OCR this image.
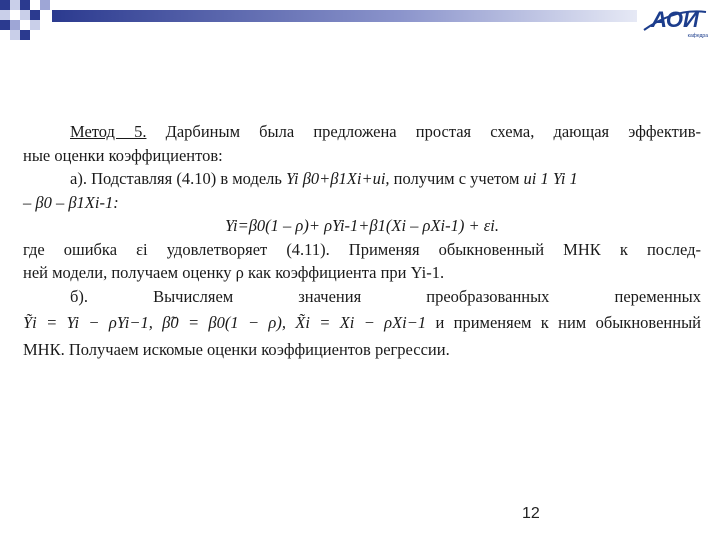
АОИ
кафедра
Метод 5. Дарбиным была предложена простая схема, дающая эффектив-
ные оценки коэффициентов:
а). Подставляя (4.10) в модель Yi β0+β1Xi+ui, получим с учетом ui 1 Yi 1
– β0 – β1Xi-1:
Yi=β0(1 – ρ)+ ρYi-1+β1(Xi – ρXi-1) + εi.
где ошибка εi удовлетворяет (4.11). Применяя обыкновенный МНК к послед-
ней модели, получаем оценку ρ как коэффициента при Yi-1.
б). Вычисляем значения преобразованных переменных
Ỹi = Yi − ρYi−1, β̃0 = β0(1 − ρ), X̃i = Xi − ρXi−1 и применяем к ним обыкновенный
МНК. Получаем искомые оценки коэффициентов регрессии.
12
